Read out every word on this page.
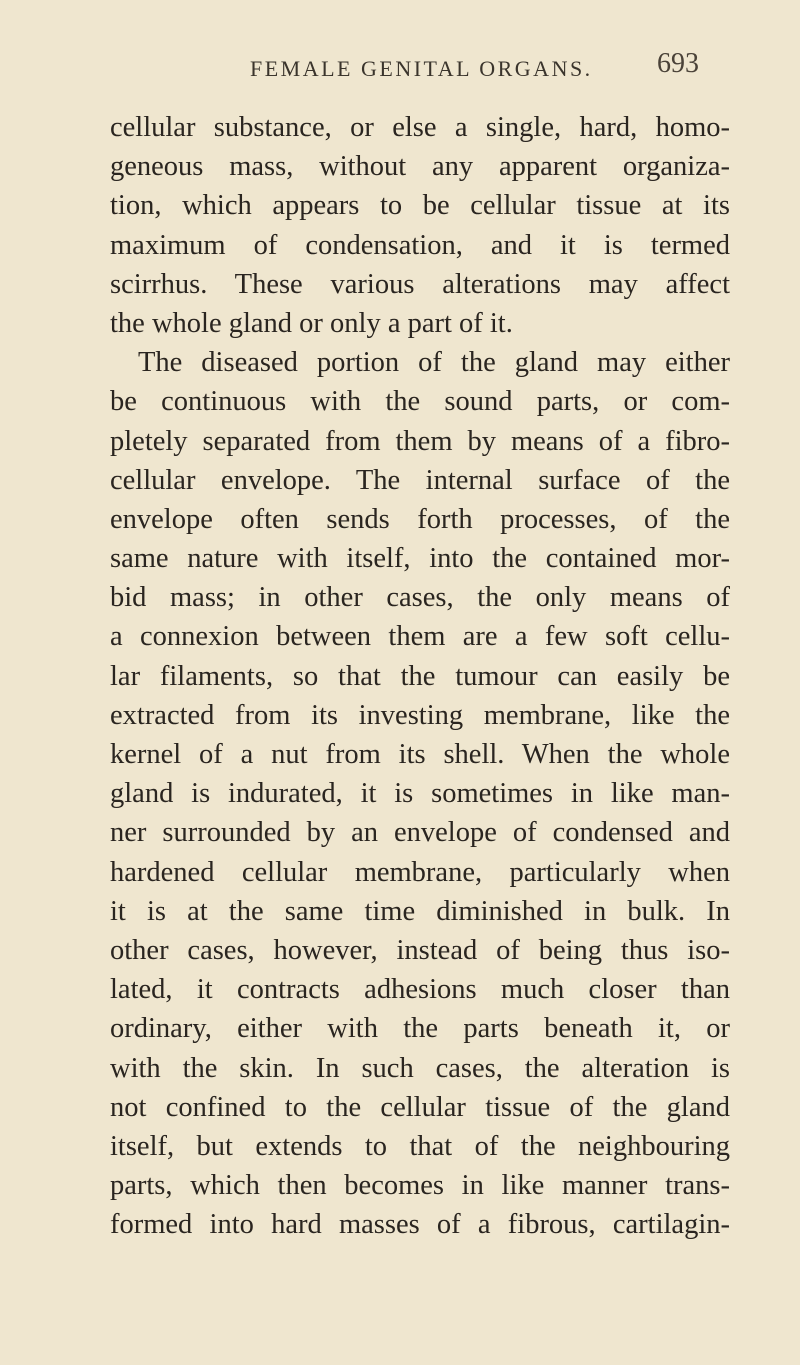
FEMALE GENITAL ORGANS. 693
cellular substance, or else a single, hard, homo-
geneous mass, without any apparent organiza-
tion, which appears to be cellular tissue at its
maximum of condensation, and it is termed
scirrhus. These various alterations may affect
the whole gland or only a part of it.
The diseased portion of the gland may either
be continuous with the sound parts, or com-
pletely separated from them by means of a fibro-
cellular envelope. The internal surface of the
envelope often sends forth processes, of the
same nature with itself, into the contained mor-
bid mass; in other cases, the only means of
a connexion between them are a few soft cellu-
lar filaments, so that the tumour can easily be
extracted from its investing membrane, like the
kernel of a nut from its shell. When the whole
gland is indurated, it is sometimes in like man-
ner surrounded by an envelope of condensed and
hardened cellular membrane, particularly when
it is at the same time diminished in bulk. In
other cases, however, instead of being thus iso-
lated, it contracts adhesions much closer than
ordinary, either with the parts beneath it, or
with the skin. In such cases, the alteration is
not confined to the cellular tissue of the gland
itself, but extends to that of the neighbouring
parts, which then becomes in like manner trans-
formed into hard masses of a fibrous, cartilagin-
